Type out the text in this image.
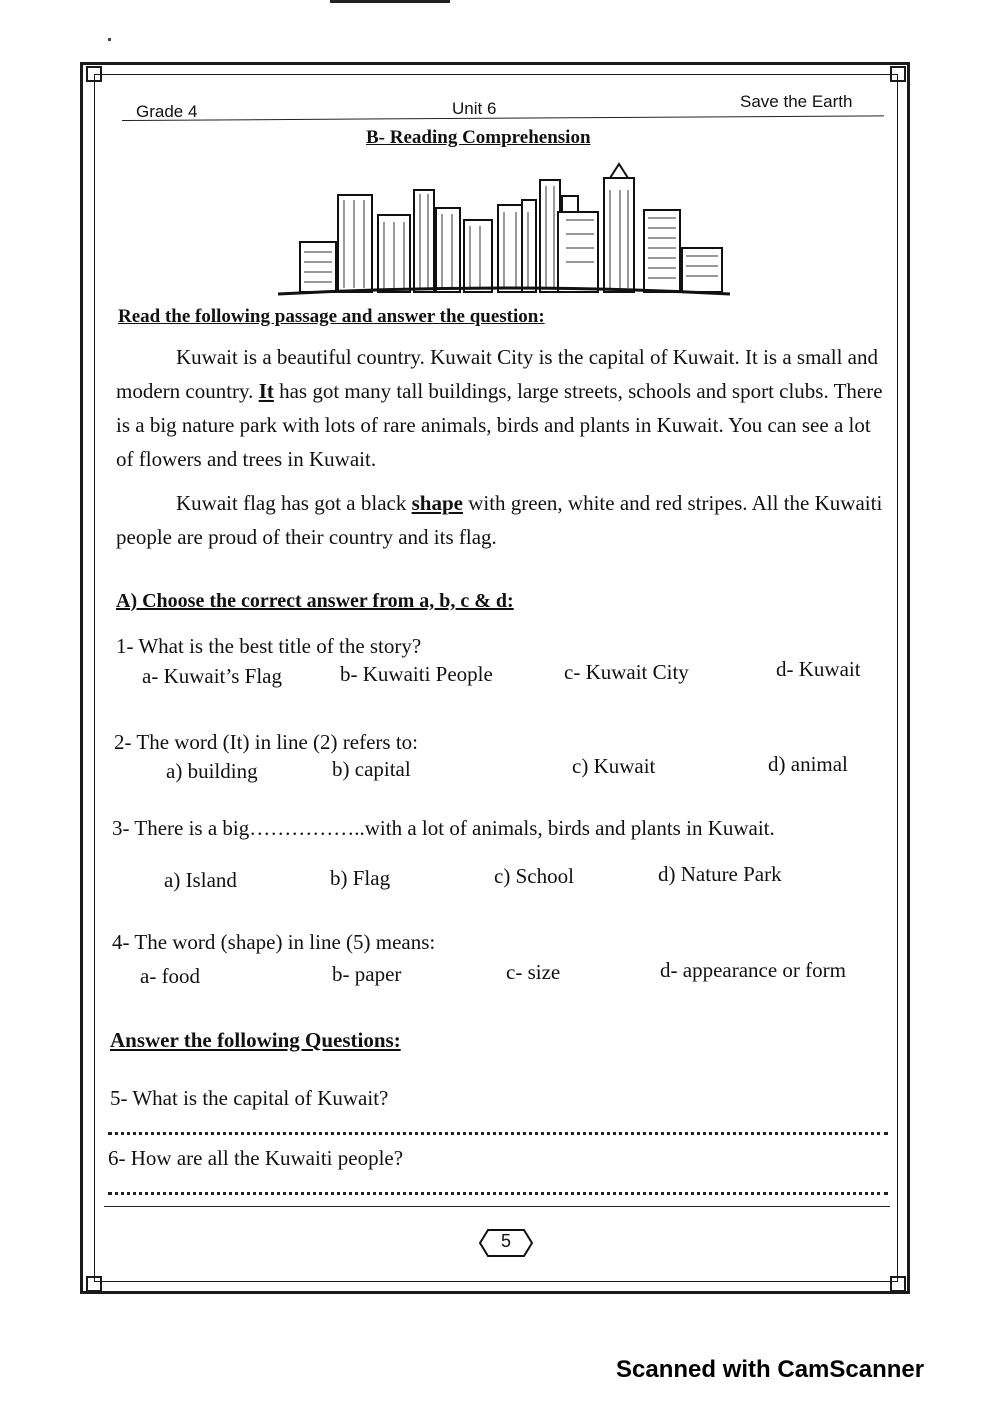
Grade 4	Unit 6	Save the Earth
B- Reading Comprehension
Read the following passage and answer the question:

Kuwait is a beautiful country. Kuwait City is the capital of Kuwait. It is a small and modern country. It has got many tall buildings, large streets, schools and sport clubs. There is a big nature park with lots of rare animals, birds and plants in Kuwait. You can see a lot of flowers and trees in Kuwait.

Kuwait flag has got a black shape with green, white and red stripes. All the Kuwaiti people are proud of their country and its flag.

A) Choose the correct answer from a, b, c & d:
1- What is the best title of the story?
a- Kuwait’s Flag	b- Kuwaiti People	c- Kuwait City	d- Kuwait
2- The word (It) in line (2) refers to:
a) building	b) capital	c) Kuwait	d) animal
3- There is a big……………..with a lot of animals, birds and plants in Kuwait.
a) Island	b) Flag	c) School	d) Nature Park
4- The word (shape) in line (5) means:
a- food	b- paper	c- size	d- appearance or form
Answer the following Questions:
5- What is the capital of Kuwait?
6- How are all the Kuwaiti people?
5
Scanned with CamScanner
